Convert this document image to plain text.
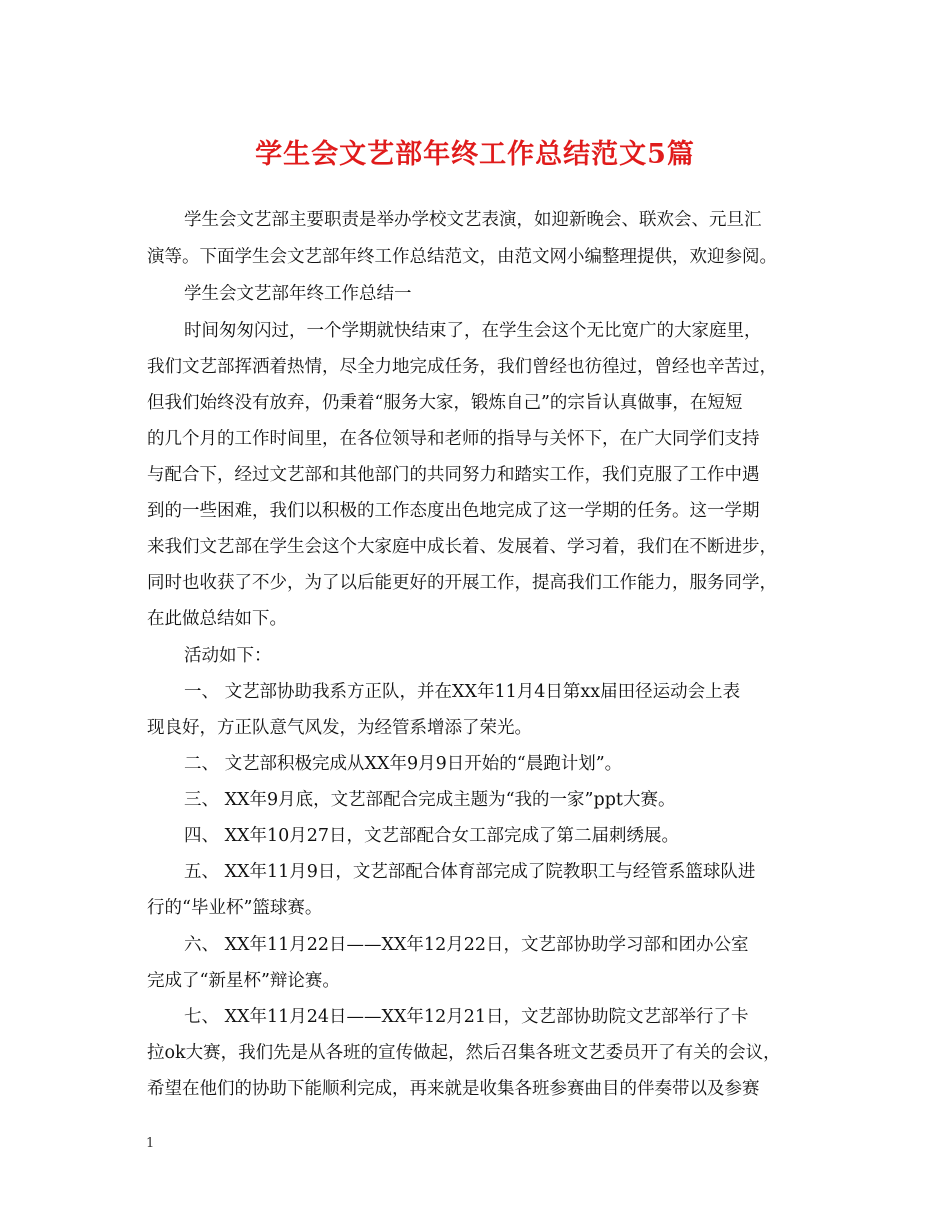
学生会文艺部年终工作总结范文5篇
学生会文艺部主要职责是举办学校文艺表演，如迎新晚会、联欢会、元旦汇
演等。下面学生会文艺部年终工作总结范文，由范文网小编整理提供，欢迎参阅。
学生会文艺部年终工作总结一
时间匆匆闪过，一个学期就快结束了，在学生会这个无比宽广的大家庭里，
我们文艺部挥洒着热情，尽全力地完成任务，我们曾经也彷徨过，曾经也辛苦过，
但我们始终没有放弃，仍秉着“服务大家，锻炼自己”的宗旨认真做事，在短短
的几个月的工作时间里，在各位领导和老师的指导与关怀下，在广大同学们支持
与配合下，经过文艺部和其他部门的共同努力和踏实工作，我们克服了工作中遇
到的一些困难，我们以积极的工作态度出色地完成了这一学期的任务。这一学期
来我们文艺部在学生会这个大家庭中成长着、发展着、学习着，我们在不断进步，
同时也收获了不少，为了以后能更好的开展工作，提高我们工作能力，服务同学，
在此做总结如下。
活动如下：
一、 文艺部协助我系方正队，并在XX年11月4日第xx届田径运动会上表
现良好，方正队意气风发，为经管系增添了荣光。
二、 文艺部积极完成从XX年9月9日开始的“晨跑计划”。
三、 XX年9月底，文艺部配合完成主题为“我的一家”ppt大赛。
四、 XX年10月27日，文艺部配合女工部完成了第二届刺绣展。
五、 XX年11月9日，文艺部配合体育部完成了院教职工与经管系篮球队进
行的“毕业杯”篮球赛。
六、 XX年11月22日——XX年12月22日，文艺部协助学习部和团办公室
完成了“新星杯”辩论赛。
七、 XX年11月24日——XX年12月21日，文艺部协助院文艺部举行了卡
拉ok大赛，我们先是从各班的宣传做起，然后召集各班文艺委员开了有关的会议，
希望在他们的协助下能顺利完成，再来就是收集各班参赛曲目的伴奏带以及参赛
1
